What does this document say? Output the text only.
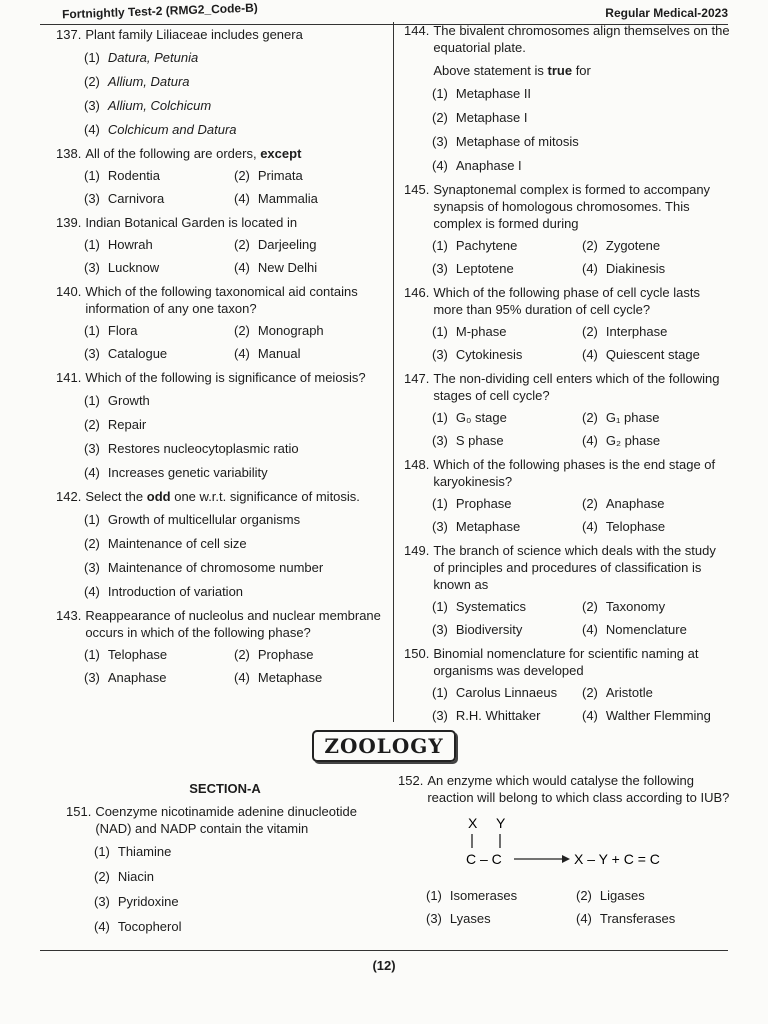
Fortnightly Test-2 (RMG2_Code-B)	Regular Medical-2023
137. Plant family Liliaceae includes genera
(1) Datura, Petunia
(2) Allium, Datura
(3) Allium, Colchicum
(4) Colchicum and Datura
138. All of the following are orders, except
(1) Rodentia	(2) Primata
(3) Carnivora	(4) Mammalia
139. Indian Botanical Garden is located in
(1) Howrah	(2) Darjeeling
(3) Lucknow	(4) New Delhi
140. Which of the following taxonomical aid contains information of any one taxon?
(1) Flora	(2) Monograph
(3) Catalogue	(4) Manual
141. Which of the following is significance of meiosis?
(1) Growth
(2) Repair
(3) Restores nucleocytoplasmic ratio
(4) Increases genetic variability
142. Select the odd one w.r.t. significance of mitosis.
(1) Growth of multicellular organisms
(2) Maintenance of cell size
(3) Maintenance of chromosome number
(4) Introduction of variation
143. Reappearance of nucleolus and nuclear membrane occurs in which of the following phase?
(1) Telophase	(2) Prophase
(3) Anaphase	(4) Metaphase
144. The bivalent chromosomes align themselves on the equatorial plate.
Above statement is true for
(1) Metaphase II
(2) Metaphase I
(3) Metaphase of mitosis
(4) Anaphase I
145. Synaptonemal complex is formed to accompany synapsis of homologous chromosomes. This complex is formed during
(1) Pachytene	(2) Zygotene
(3) Leptotene	(4) Diakinesis
146. Which of the following phase of cell cycle lasts more than 95% duration of cell cycle?
(1) M-phase	(2) Interphase
(3) Cytokinesis	(4) Quiescent stage
147. The non-dividing cell enters which of the following stages of cell cycle?
(1) G₀ stage	(2) G₁ phase
(3) S phase	(4) G₂ phase
148. Which of the following phases is the end stage of karyokinesis?
(1) Prophase	(2) Anaphase
(3) Metaphase	(4) Telophase
149. The branch of science which deals with the study of principles and procedures of classification is known as
(1) Systematics	(2) Taxonomy
(3) Biodiversity	(4) Nomenclature
150. Binomial nomenclature for scientific naming at organisms was developed
(1) Carolus Linnaeus (2) Aristotle
(3) R.H. Whittaker	(4) Walther Flemming
ZOOLOGY
SECTION-A
151. Coenzyme nicotinamide adenine dinucleotide (NAD) and NADP contain the vitamin
(1) Thiamine
(2) Niacin
(3) Pyridoxine
(4) Tocopherol
152. An enzyme which would catalyse the following reaction will belong to which class according to IUB?
X Y
C – C	X – Y + C = C
(1) Isomerases	(2) Ligases
(3) Lyases	(4) Transferases
(12)
